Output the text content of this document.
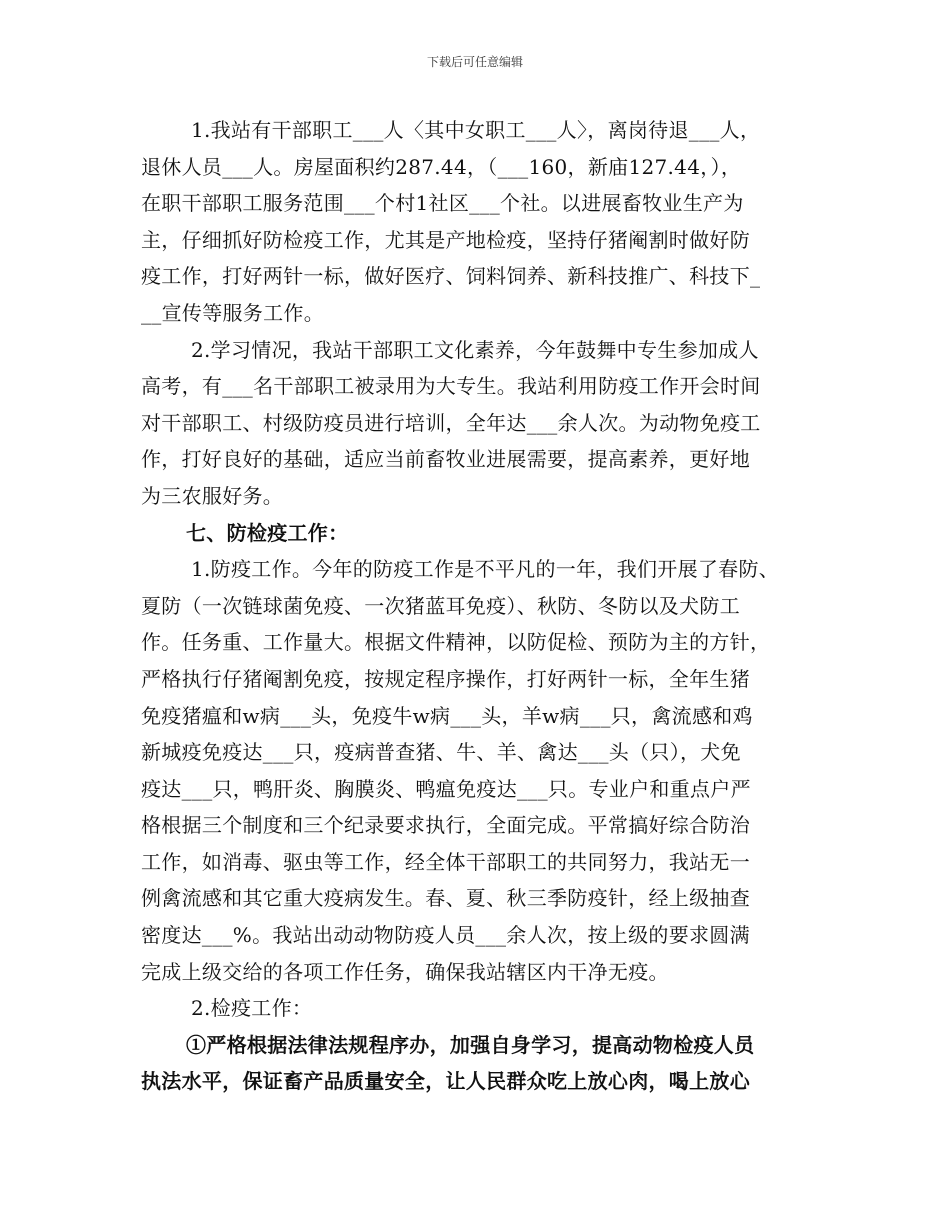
下载后可任意编辑
1.我站有干部职工___人〈其中女职工___人〉，离岗待退___人，
退休人员___人。房屋面积约287.44，（___160，新庙127.44，），
在职干部职工服务范围___个村1社区___个社。以进展畜牧业生产为
主，仔细抓好防检疫工作，尤其是产地检疫，坚持仔猪阉割时做好防
疫工作，打好两针一标，做好医疗、饲料饲养、新科技推广、科技下_
__宣传等服务工作。
2.学习情况，我站干部职工文化素养，今年鼓舞中专生参加成人
高考，有___名干部职工被录用为大专生。我站利用防疫工作开会时间
对干部职工、村级防疫员进行培训，全年达___余人次。为动物免疫工
作，打好良好的基础，适应当前畜牧业进展需要，提高素养，更好地
为三农服好务。
七、防检疫工作：
1.防疫工作。今年的防疫工作是不平凡的一年，我们开展了春防、
夏防（一次链球菌免疫、一次猪蓝耳免疫）、秋防、冬防以及犬防工
作。任务重、工作量大。根据文件精神，以防促检、预防为主的方针，
严格执行仔猪阉割免疫，按规定程序操作，打好两针一标，全年生猪
免疫猪瘟和w病___头，免疫牛w病___头，羊w病___只，禽流感和鸡
新城疫免疫达___只，疫病普查猪、牛、羊、禽达___头（只），犬免
疫达___只，鸭肝炎、胸膜炎、鸭瘟免疫达___只。专业户和重点户严
格根据三个制度和三个纪录要求执行，全面完成。平常搞好综合防治
工作，如消毒、驱虫等工作，经全体干部职工的共同努力，我站无一
例禽流感和其它重大疫病发生。春、夏、秋三季防疫针，经上级抽查
密度达___%。我站出动动物防疫人员___余人次，按上级的要求圆满
完成上级交给的各项工作任务，确保我站辖区内干净无疫。
2.检疫工作：
①严格根据法律法规程序办，加强自身学习，提高动物检疫人员
执法水平，保证畜产品质量安全，让人民群众吃上放心肉，喝上放心
